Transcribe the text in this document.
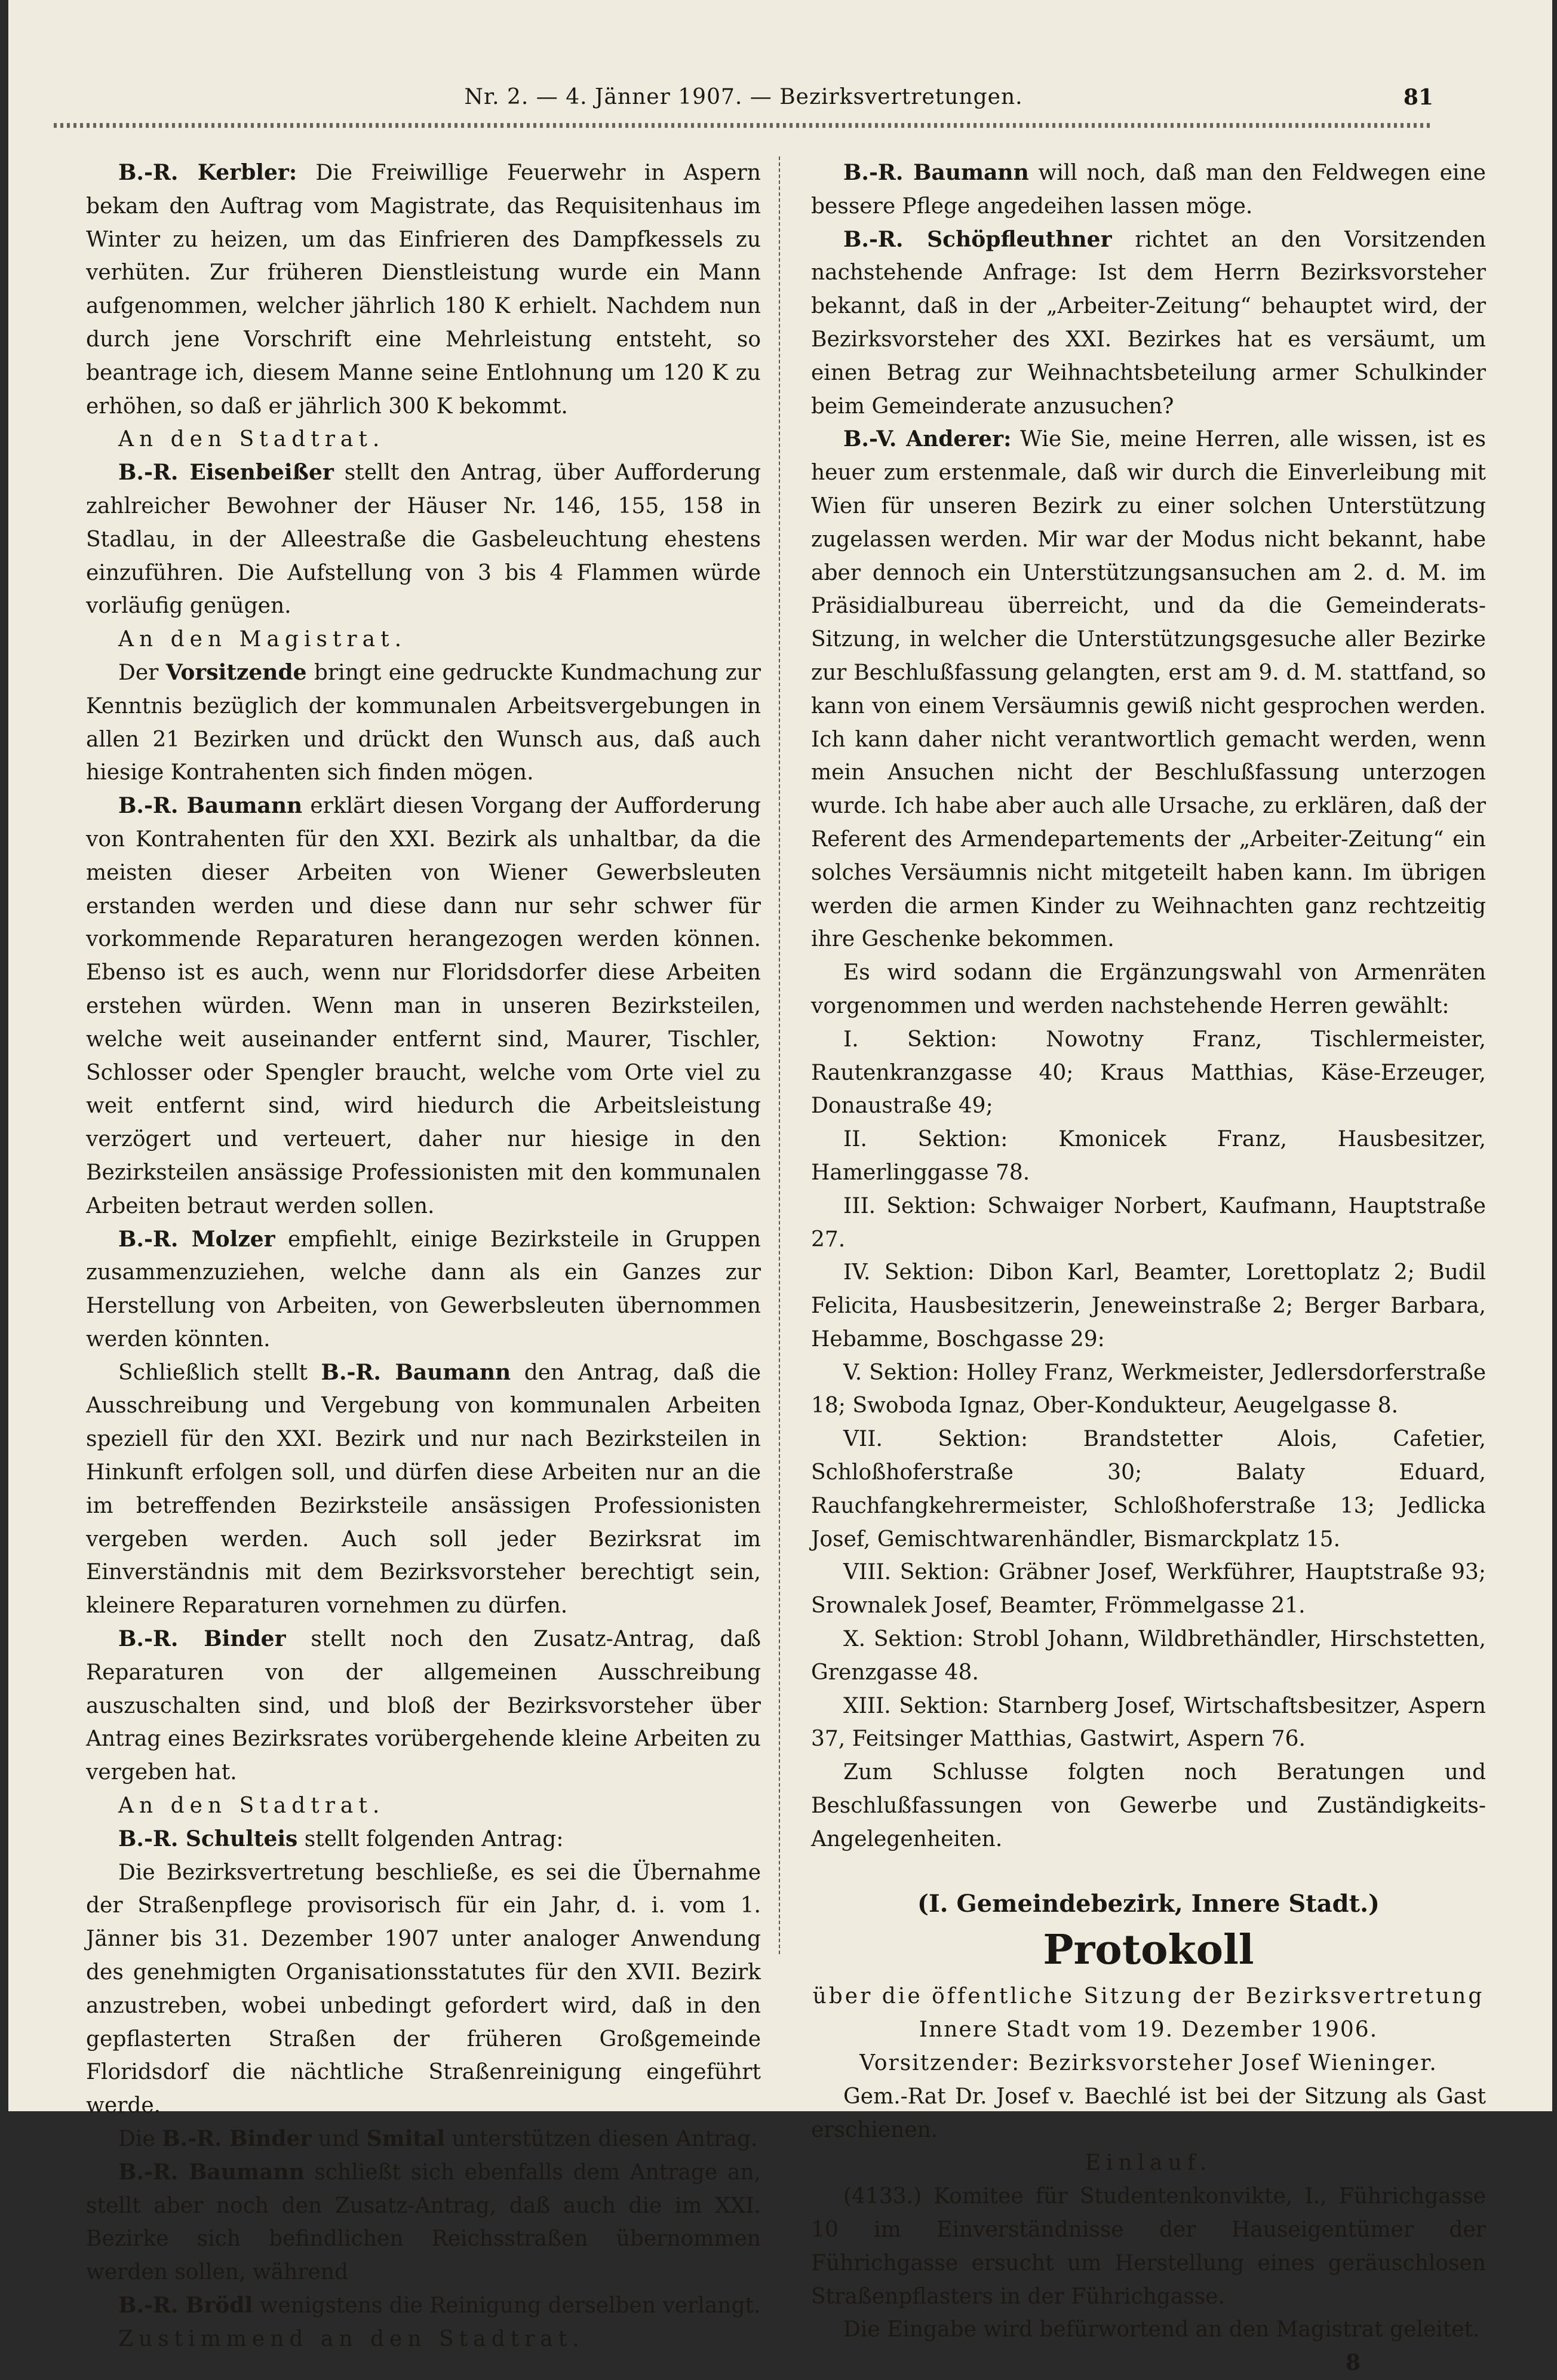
Nr. 2. — 4. Jänner 1907. — Bezirksvertretungen.	81

B.-R. Kerbler: Die Freiwillige Feuerwehr in Aspern bekam den Auftrag vom Magistrate, das Requisitenhaus im Winter zu heizen, um das Einfrieren des Dampfkessels zu verhüten. Zur früheren Dienstleistung wurde ein Mann aufgenommen, welcher jährlich 180 K erhielt. Nachdem nun durch jene Vorschrift eine Mehrleistung entsteht, so beantrage ich, diesem Manne seine Entlohnung um 120 K zu erhöhen, so daß er jährlich 300 K bekommt.

An den Stadtrat.

B.-R. Eisenbeißer stellt den Antrag, über Aufforderung zahlreicher Bewohner der Häuser Nr. 146, 155, 158 in Stadlau, in der Alleestraße die Gasbeleuchtung ehestens einzuführen. Die Aufstellung von 3 bis 4 Flammen würde vorläufig genügen.

An den Magistrat.

Der Vorsitzende bringt eine gedruckte Kundmachung zur Kenntnis bezüglich der kommunalen Arbeitsvergebungen in allen 21 Bezirken und drückt den Wunsch aus, daß auch hiesige Kontrahenten sich finden mögen.

B.-R. Baumann erklärt diesen Vorgang der Aufforderung von Kontrahenten für den XXI. Bezirk als unhaltbar, da die meisten dieser Arbeiten von Wiener Gewerbsleuten erstanden werden und diese dann nur sehr schwer für vorkommende Reparaturen herangezogen werden können. Ebenso ist es auch, wenn nur Floridsdorfer diese Arbeiten erstehen würden. Wenn man in unseren Bezirksteilen, welche weit auseinander entfernt sind, Maurer, Tischler, Schlosser oder Spengler braucht, welche vom Orte viel zu weit entfernt sind, wird hiedurch die Arbeitsleistung verzögert und verteuert, daher nur hiesige in den Bezirksteilen ansässige Professionisten mit den kommunalen Arbeiten betraut werden sollen.

B.-R. Molzer empfiehlt, einige Bezirksteile in Gruppen zusammenzuziehen, welche dann als ein Ganzes zur Herstellung von Arbeiten, von Gewerbsleuten übernommen werden könnten.

Schließlich stellt B.-R. Baumann den Antrag, daß die Ausschreibung und Vergebung von kommunalen Arbeiten speziell für den XXI. Bezirk und nur nach Bezirksteilen in Hinkunft erfolgen soll, und dürfen diese Arbeiten nur an die im betreffenden Bezirksteile ansässigen Professionisten vergeben werden. Auch soll jeder Bezirksrat im Einverständnis mit dem Bezirksvorsteher berechtigt sein, kleinere Reparaturen vornehmen zu dürfen.

B.-R. Binder stellt noch den Zusatz-Antrag, daß Reparaturen von der allgemeinen Ausschreibung auszuschalten sind, und bloß der Bezirksvorsteher über Antrag eines Bezirksrates vorübergehende kleine Arbeiten zu vergeben hat.

An den Stadtrat.

B.-R. Schulteis stellt folgenden Antrag:

Die Bezirksvertretung beschließe, es sei die Übernahme der Straßenpflege provisorisch für ein Jahr, d. i. vom 1. Jänner bis 31. Dezember 1907 unter analoger Anwendung des genehmigten Organisationsstatutes für den XVII. Bezirk anzustreben, wobei unbedingt gefordert wird, daß in den gepflasterten Straßen der früheren Großgemeinde Floridsdorf die nächtliche Straßenreinigung eingeführt werde.

Die B.-R. Binder und Smital unterstützen diesen Antrag.

B.-R. Baumann schließt sich ebenfalls dem Antrage an, stellt aber noch den Zusatz-Antrag, daß auch die im XXI. Bezirke sich befindlichen Reichsstraßen übernommen werden sollen, während

B.-R. Brödl wenigstens die Reinigung derselben verlangt.

Zustimmend an den Stadtrat.

B.-R. Baumann will noch, daß man den Feldwegen eine bessere Pflege angedeihen lassen möge.

B.-R. Schöpfleuthner richtet an den Vorsitzenden nachstehende Anfrage: Ist dem Herrn Bezirksvorsteher bekannt, daß in der „Arbeiter-Zeitung“ behauptet wird, der Bezirksvorsteher des XXI. Bezirkes hat es versäumt, um einen Betrag zur Weihnachtsbeteilung armer Schulkinder beim Gemeinderate anzusuchen?

B.-V. Anderer: Wie Sie, meine Herren, alle wissen, ist es heuer zum erstenmale, daß wir durch die Einverleibung mit Wien für unseren Bezirk zu einer solchen Unterstützung zugelassen werden. Mir war der Modus nicht bekannt, habe aber dennoch ein Unterstützungsansuchen am 2. d. M. im Präsidialbureau überreicht, und da die Gemeinderats-Sitzung, in welcher die Unterstützungsgesuche aller Bezirke zur Beschlußfassung gelangten, erst am 9. d. M. stattfand, so kann von einem Versäumnis gewiß nicht gesprochen werden. Ich kann daher nicht verantwortlich gemacht werden, wenn mein Ansuchen nicht der Beschlußfassung unterzogen wurde. Ich habe aber auch alle Ursache, zu erklären, daß der Referent des Armendepartements der „Arbeiter-Zeitung“ ein solches Versäumnis nicht mitgeteilt haben kann. Im übrigen werden die armen Kinder zu Weihnachten ganz rechtzeitig ihre Geschenke bekommen.

Es wird sodann die Ergänzungswahl von Armenräten vorgenommen und werden nachstehende Herren gewählt:

I. Sektion: Nowotny Franz, Tischlermeister, Rautenkranzgasse 40; Kraus Matthias, Käse-Erzeuger, Donaustraße 49;

II. Sektion: Kmonicek Franz, Hausbesitzer, Hamerlinggasse 78.

III. Sektion: Schwaiger Norbert, Kaufmann, Hauptstraße 27.

IV. Sektion: Dibon Karl, Beamter, Lorettoplatz 2; Budil Felicita, Hausbesitzerin, Jeneweinstraße 2; Berger Barbara, Hebamme, Boschgasse 29:

V. Sektion: Holley Franz, Werkmeister, Jedlersdorferstraße 18; Swoboda Ignaz, Ober-Kondukteur, Aeugelgasse 8.

VII. Sektion: Brandstetter Alois, Cafetier, Schloßhoferstraße 30; Balaty Eduard, Rauchfangkehrermeister, Schloßhoferstraße 13; Jedlicka Josef, Gemischtwarenhändler, Bismarckplatz 15.

VIII. Sektion: Gräbner Josef, Werkführer, Hauptstraße 93; Srownalek Josef, Beamter, Frömmelgasse 21.

X. Sektion: Strobl Johann, Wildbrethändler, Hirschstetten, Grenzgasse 48.

XIII. Sektion: Starnberg Josef, Wirtschaftsbesitzer, Aspern 37, Feitsinger Matthias, Gastwirt, Aspern 76.

Zum Schlusse folgten noch Beratungen und Beschlußfassungen von Gewerbe und Zuständigkeits-Angelegenheiten.

(I. Gemeindebezirk, Innere Stadt.)

Protokoll

über die öffentliche Sitzung der Bezirksvertretung

Innere Stadt vom 19. Dezember 1906.

Vorsitzender: Bezirksvorsteher Josef Wieninger.

Gem.-Rat Dr. Josef v. Baechlé ist bei der Sitzung als Gast erschienen.

Einlauf.

(4133.) Komitee für Studentenkonvikte, I., Führichgasse 10 im Einverständnisse der Hauseigentümer der Führichgasse ersucht um Herstellung eines geräuschlosen Straßenpflasters in der Führichgasse.

Die Eingabe wird befürwortend an den Magistrat geleitet.

8
